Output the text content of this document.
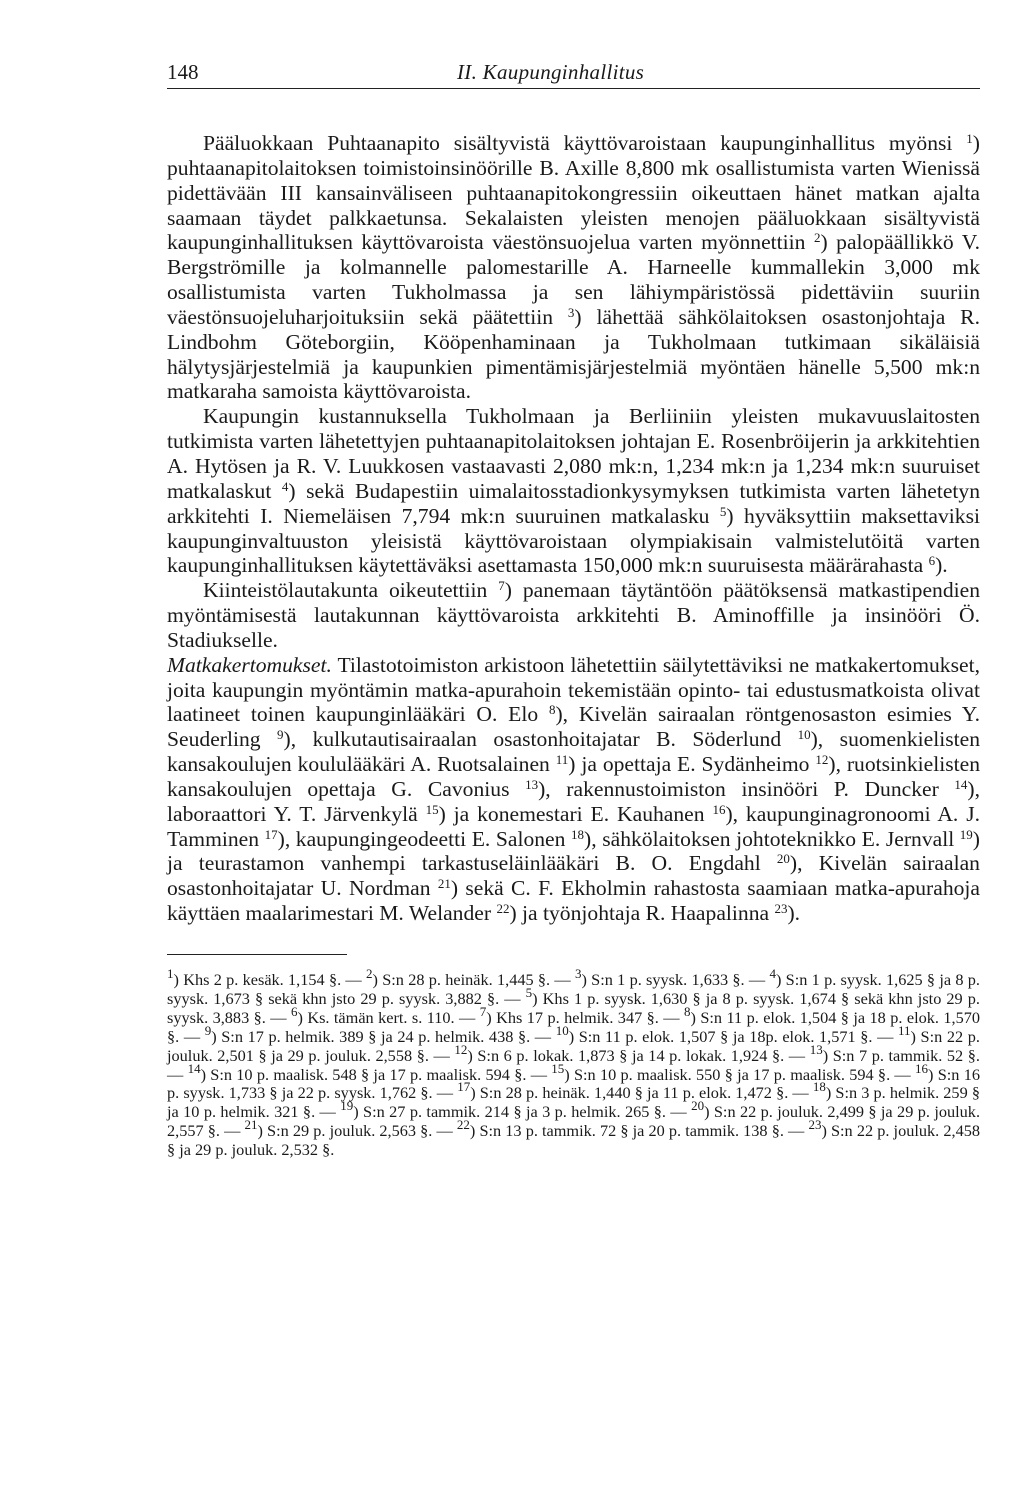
148	II. Kaupunginhallitus

Pääluokkaan Puhtaanapito sisältyvistä käyttövaroistaan kaupunginhallitus myönsi $^1$) puhtaanapitolaitoksen toimistoinsinöörille B. Axille 8,800 mk osallistumista varten Wienissä pidettävään III kansainväliseen puhtaanapitokongressiin oikeuttaen hänet matkan ajalta saamaan täydet palkkaetunsa. Sekalaisten yleisten menojen pääluokkaan sisältyvistä kaupunginhallituksen käyttövaroista väestönsuojelua varten myönnettiin $^2$) palopäällikkö V. Bergströmille ja kolmannelle palomestarille A. Harneelle kummallekin 3,000 mk osallistumista varten Tukholmassa ja sen lähiympäristössä pidettäviin suuriin väestönsuojeluharjoituksiin sekä päätettiin $^3$) lähettää sähkölaitoksen osastonjohtaja R. Lindbohm Göteborgiin, Kööpenhaminaan ja Tukholmaan tutkimaan sikäläisiä hälytysjärjestelmiä ja kaupunkien pimentämisjärjestelmiä myöntäen hänelle 5,500 mk:n matkaraha samoista käyttövaroista.

Kaupungin kustannuksella Tukholmaan ja Berliiniin yleisten mukavuuslaitosten tutkimista varten lähetettyjen puhtaanapitolaitoksen johtajan E. Rosenbröijerin ja arkkitehtien A. Hytösen ja R. V. Luukkosen vastaavasti 2,080 mk:n, 1,234 mk:n ja 1,234 mk:n suuruiset matkalaskut $^4$) sekä Budapestiin uimalaitosstadionkysymyksen tutkimista varten lähetetyn arkkitehti I. Niemeläisen 7,794 mk:n suuruinen matkalasku $^5$) hyväksyttiin maksettaviksi kaupunginvaltuuston yleisistä käyttövaroistaan olympiakisain valmistelutöitä varten kaupunginhallituksen käytettäväksi asettamasta 150,000 mk:n suuruisesta määrärahasta $^6$).

Kiinteistölautakunta oikeutettiin $^7$) panemaan täytäntöön päätöksensä matkastipendien myöntämisestä lautakunnan käyttövaroista arkkitehti B. Aminoffille ja insinööri Ö. Stadiukselle.

Matkakertomukset. Tilastotoimiston arkistoon lähetettiin säilytettäviksi ne matkakertomukset, joita kaupungin myöntämin matka-apurahoin tekemistään opinto- tai edustusmatkoista olivat laatineet toinen kaupunginlääkäri O. Elo $^8$), Kivelän sairaalan röntgenosaston esimies Y. Seuderling $^9$), kulkutautisairaalan osastonhoitajatar B. Söderlund $^{10}$), suomenkielisten kansakoulujen koululääkäri A. Ruotsalainen $^{11}$) ja opettaja E. Sydänheimo $^{12}$), ruotsinkielisten kansakoulujen opettaja G. Cavonius $^{13}$), rakennustoimiston insinööri P. Duncker $^{14}$), laboraattori Y. T. Järvenkylä $^{15}$) ja konemestari E. Kauhanen $^{16}$), kaupunginagronoomi A. J. Tamminen $^{17}$), kaupungingeodeetti E. Salonen $^{18}$), sähkölaitoksen johtoteknikko E. Jernvall $^{19}$) ja teurastamon vanhempi tarkastuseläinlääkäri B. O. Engdahl $^{20}$), Kivelän sairaalan osastonhoitajatar U. Nordman $^{21}$) sekä C. F. Ekholmin rahastosta saamiaan matka-apurahoja käyttäen maalarimestari M. Welander $^{22}$) ja työnjohtaja R. Haapalinna $^{23}$).

$^1$) Khs 2 p. kesäk. 1,154 §. — $^2$) S:n 28 p. heinäk. 1,445 §. — $^3$) S:n 1 p. syysk. 1,633 §. — $^4$) S:n 1 p. syysk. 1,625 § ja 8 p. syysk. 1,673 § sekä khn jsto 29 p. syysk. 3,882 §. — $^5$) Khs 1 p. syysk. 1,630 § ja 8 p. syysk. 1,674 § sekä khn jsto 29 p. syysk. 3,883 §. — $^6$) Ks. tämän kert. s. 110. — $^7$) Khs 17 p. helmik. 347 §. — $^8$) S:n 11 p. elok. 1,504 § ja 18 p. elok. 1,570 §. — $^9$) S:n 17 p. helmik. 389 § ja 24 p. helmik. 438 §. — $^{10}$) S:n 11 p. elok. 1,507 § ja 18p. elok. 1,571 §. — $^{11}$) S:n 22 p. jouluk. 2,501 § ja 29 p. jouluk. 2,558 §. — $^{12}$) S:n 6 p. lokak. 1,873 § ja 14 p. lokak. 1,924 §. — $^{13}$) S:n 7 p. tammik. 52 §. — $^{14}$) S:n 10 p. maalisk. 548 § ja 17 p. maalisk. 594 §. — $^{15}$) S:n 10 p. maalisk. 550 § ja 17 p. maalisk. 594 §. — $^{16}$) S:n 16 p. syysk. 1,733 § ja 22 p. syysk. 1,762 §. — $^{17}$) S:n 28 p. heinäk. 1,440 § ja 11 p. elok. 1,472 §. — $^{18}$) S:n 3 p. helmik. 259 § ja 10 p. helmik. 321 §. — $^{19}$) S:n 27 p. tammik. 214 § ja 3 p. helmik. 265 §. — $^{20}$) S:n 22 p. jouluk. 2,499 § ja 29 p. jouluk. 2,557 §. — $^{21}$) S:n 29 p. jouluk. 2,563 §. — $^{22}$) S:n 13 p. tammik. 72 § ja 20 p. tammik. 138 §. — $^{23}$) S:n 22 p. jouluk. 2,458 § ja 29 p. jouluk. 2,532 §.
